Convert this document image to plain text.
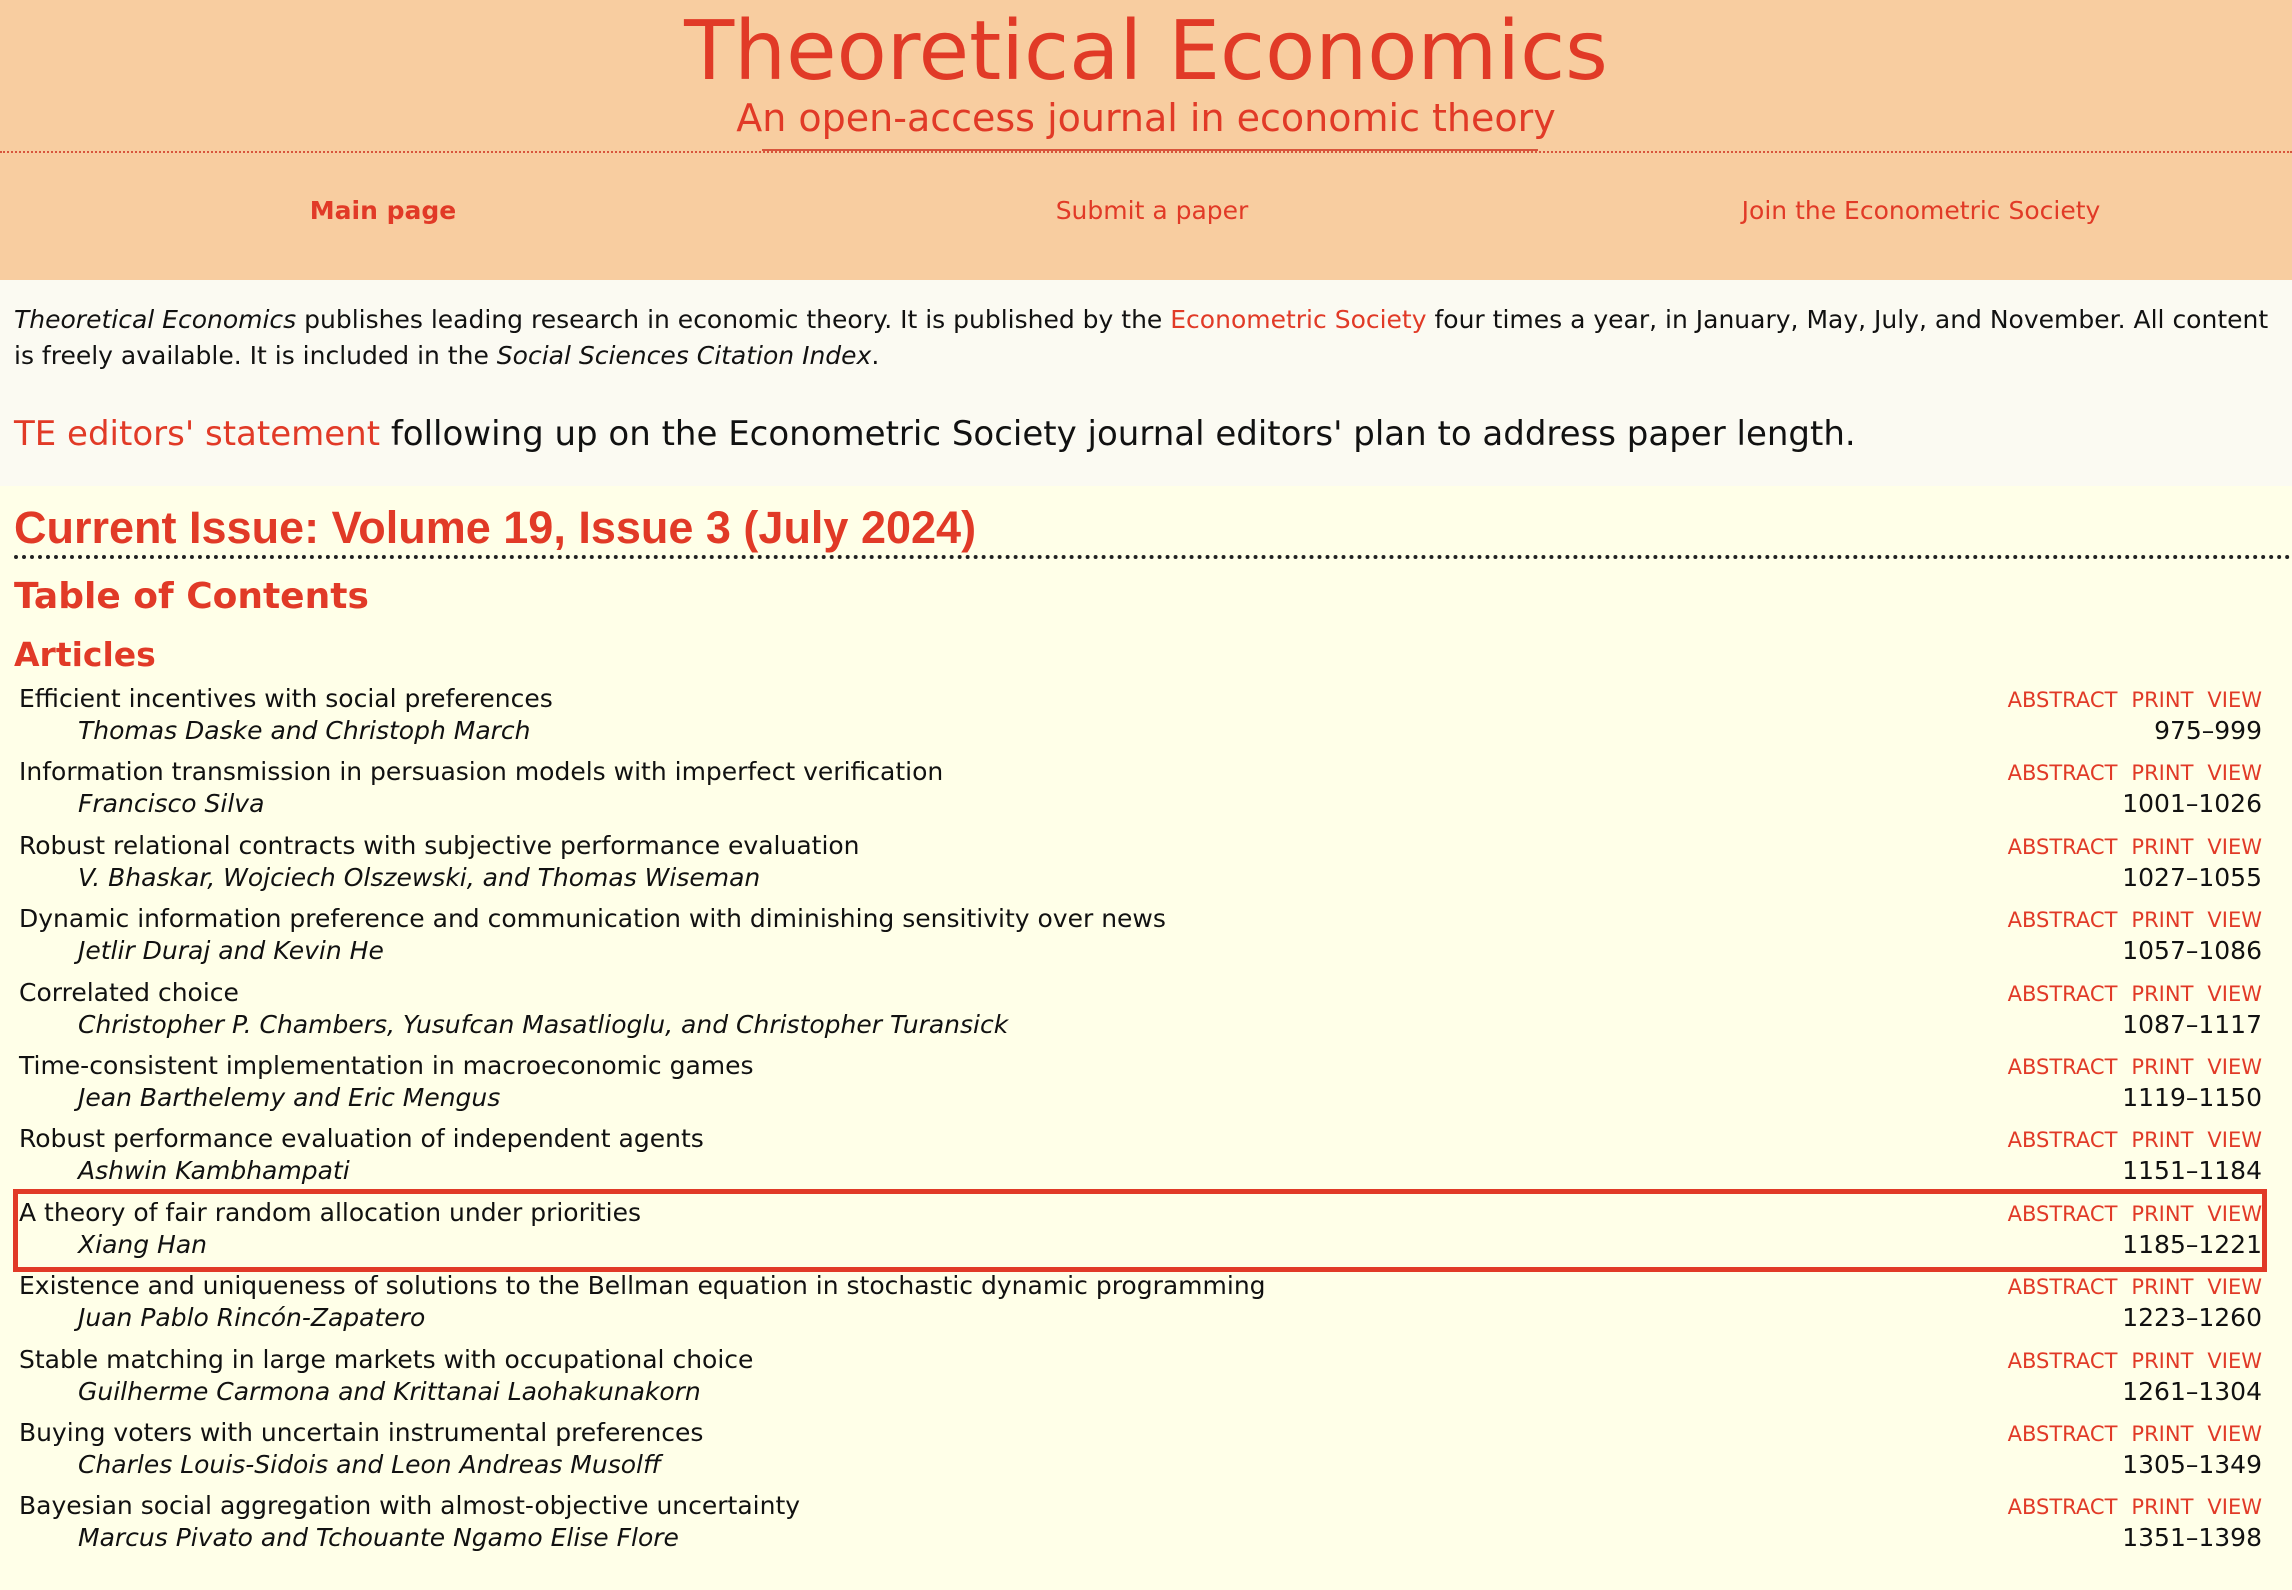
Theoretical Economics
An open-access journal in economic theory
Main page	Submit a paper	Join the Econometric Society

Theoretical Economics publishes leading research in economic theory. It is published by the Econometric Society four times a year, in January, May, July, and November. All content is freely available. It is included in the Social Sciences Citation Index.

TE editors' statement following up on the Econometric Society journal editors' plan to address paper length.

Current Issue: Volume 19, Issue 3 (July 2024)
Table of Contents
Articles
Efficient incentives with social preferences
Thomas Daske and Christoph March
ABSTRACT PRINT VIEW
975–999
Information transmission in persuasion models with imperfect verification
Francisco Silva
ABSTRACT PRINT VIEW
1001–1026
Robust relational contracts with subjective performance evaluation
V. Bhaskar, Wojciech Olszewski, and Thomas Wiseman
ABSTRACT PRINT VIEW
1027–1055
Dynamic information preference and communication with diminishing sensitivity over news
Jetlir Duraj and Kevin He
ABSTRACT PRINT VIEW
1057–1086
Correlated choice
Christopher P. Chambers, Yusufcan Masatlioglu, and Christopher Turansick
ABSTRACT PRINT VIEW
1087–1117
Time-consistent implementation in macroeconomic games
Jean Barthelemy and Eric Mengus
ABSTRACT PRINT VIEW
1119–1150
Robust performance evaluation of independent agents
Ashwin Kambhampati
ABSTRACT PRINT VIEW
1151–1184
A theory of fair random allocation under priorities
Xiang Han
ABSTRACT PRINT VIEW
1185–1221
Existence and uniqueness of solutions to the Bellman equation in stochastic dynamic programming
Juan Pablo Rincón-Zapatero
ABSTRACT PRINT VIEW
1223–1260
Stable matching in large markets with occupational choice
Guilherme Carmona and Krittanai Laohakunakorn
ABSTRACT PRINT VIEW
1261–1304
Buying voters with uncertain instrumental preferences
Charles Louis-Sidois and Leon Andreas Musolff
ABSTRACT PRINT VIEW
1305–1349
Bayesian social aggregation with almost-objective uncertainty
Marcus Pivato and Tchouante Ngamo Elise Flore
ABSTRACT PRINT VIEW
1351–1398
